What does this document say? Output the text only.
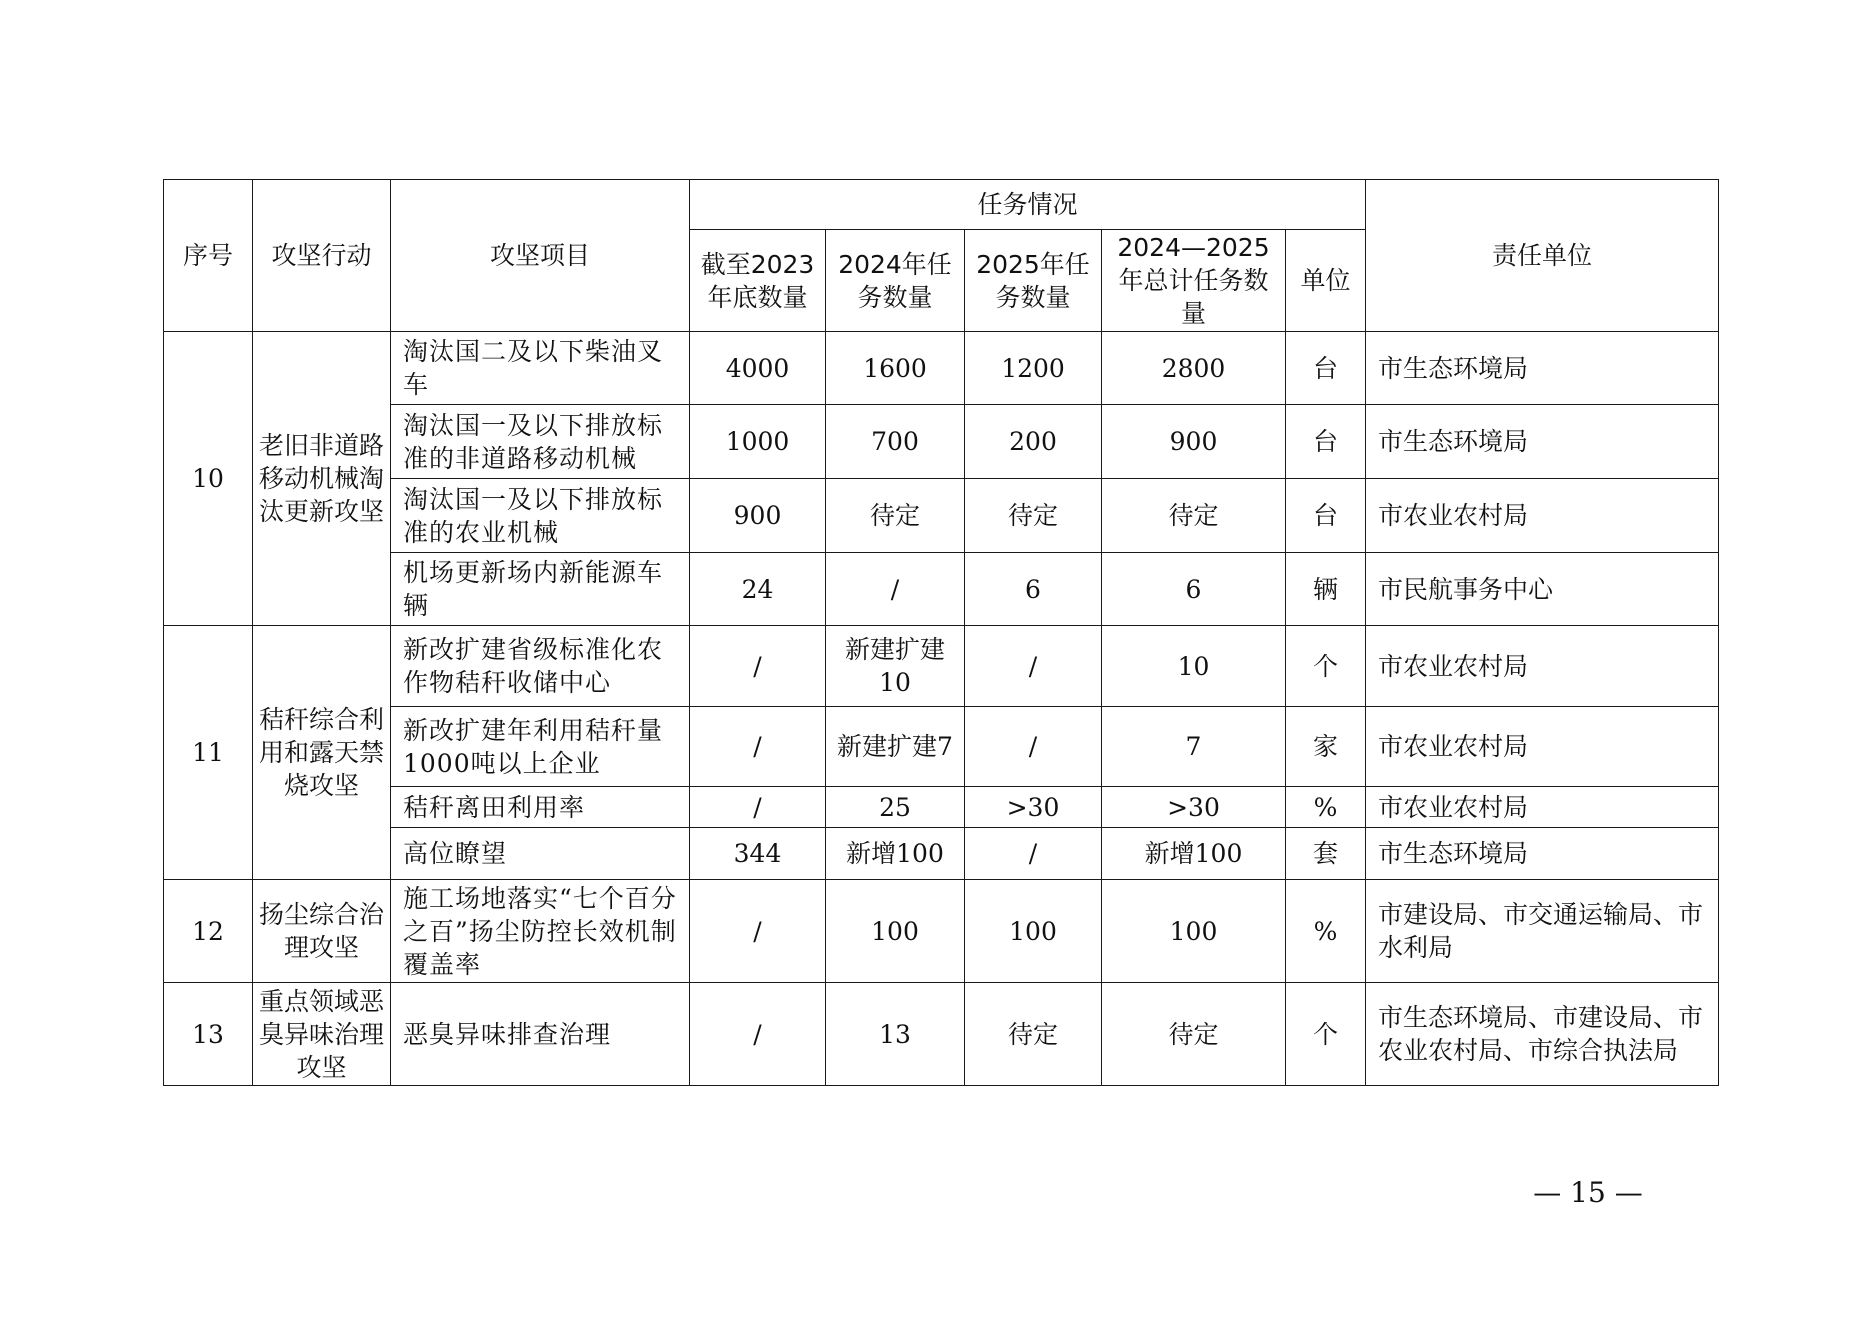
序号	攻坚行动	攻坚项目	任务情况					责任单位
			截至2023年底数量	2024年任务数量	2025年任务数量	2024—2025年总计任务数量	单位	
10	老旧非道路移动机械淘汰更新攻坚	淘汰国二及以下柴油叉车	4000	1600	1200	2800	台	市生态环境局
		淘汰国一及以下排放标准的非道路移动机械	1000	700	200	900	台	市生态环境局
		淘汰国一及以下排放标准的农业机械	900	待定	待定	待定	台	市农业农村局
		机场更新场内新能源车辆	24	/	6	6	辆	市民航事务中心
11	秸秆综合利用和露天禁烧攻坚	新改扩建省级标准化农作物秸秆收储中心	/	新建扩建10	/	10	个	市农业农村局
		新改扩建年利用秸秆量1000吨以上企业	/	新建扩建7	/	7	家	市农业农村局
		秸秆离田利用率	/	25	>30	>30	%	市农业农村局
		高位瞭望	344	新增100	/	新增100	套	市生态环境局
12	扬尘综合治理攻坚	施工场地落实“七个百分之百”扬尘防控长效机制覆盖率	/	100	100	100	%	市建设局、市交通运输局、市水利局
13	重点领域恶臭异味治理攻坚	恶臭异味排查治理	/	13	待定	待定	个	市生态环境局、市建设局、市农业农村局、市综合执法局
— 15 —
